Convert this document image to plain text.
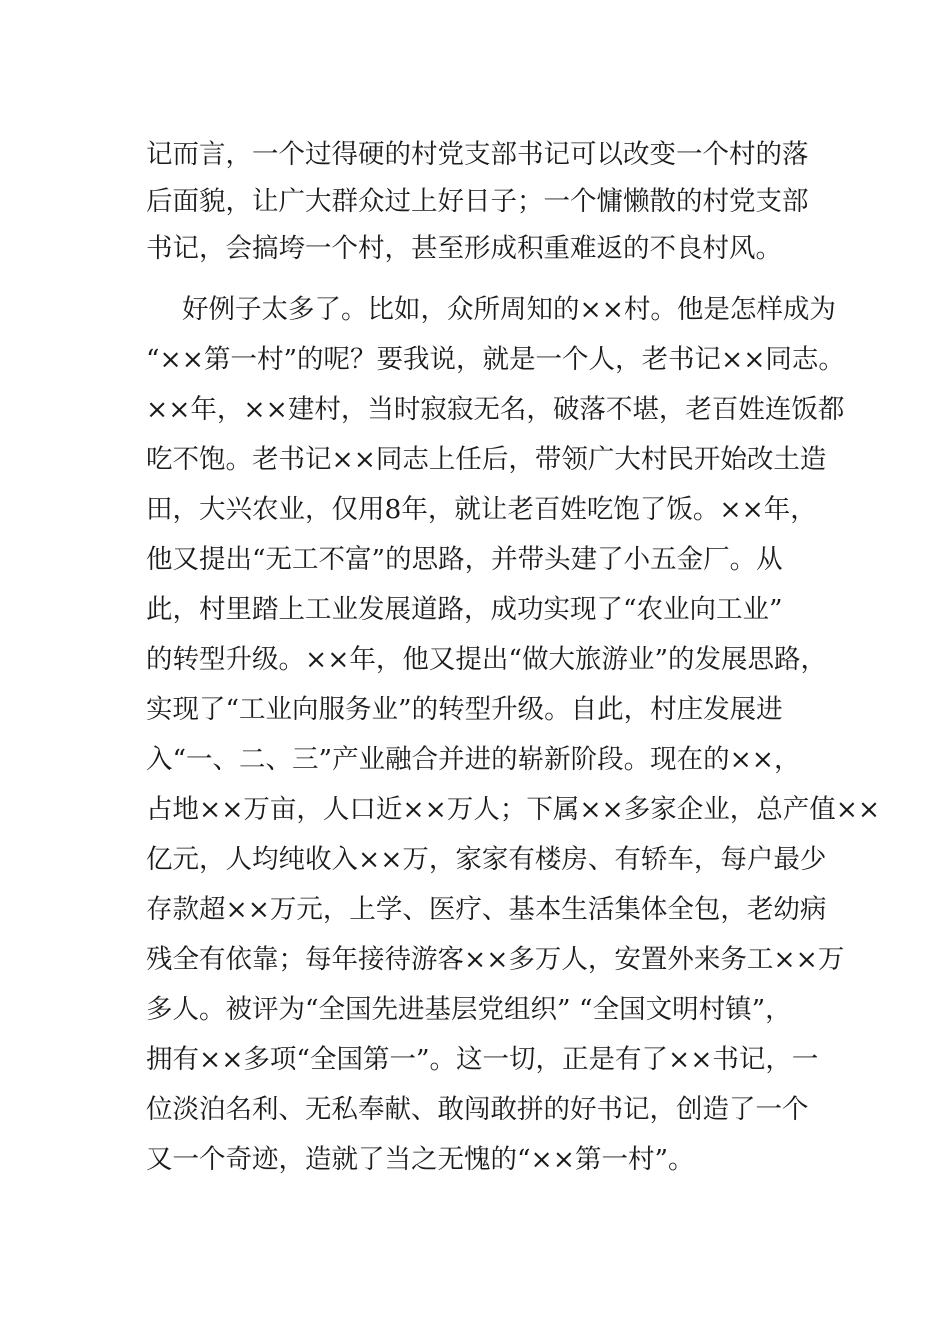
记而言，一个过得硬的村党支部书记可以改变一个村的落
后面貌，让广大群众过上好日子；一个慵懒散的村党支部
书记，会搞垮一个村，甚至形成积重难返的不良村风。
好例子太多了。比如，众所周知的××村。他是怎样成为
“××第一村”的呢？要我说，就是一个人，老书记××同志。
××年，××建村，当时寂寂无名，破落不堪，老百姓连饭都
吃不饱。老书记××同志上任后，带领广大村民开始改土造
田，大兴农业，仅用8年，就让老百姓吃饱了饭。××年，
他又提出“无工不富”的思路，并带头建了小五金厂。从
此，村里踏上工业发展道路，成功实现了“农业向工业”
的转型升级。××年，他又提出“做大旅游业”的发展思路，
实现了“工业向服务业”的转型升级。自此，村庄发展进
入“一、二、三”产业融合并进的崭新阶段。现在的××，
占地××万亩，人口近××万人；下属××多家企业，总产值××
亿元，人均纯收入××万，家家有楼房、有轿车，每户最少
存款超××万元，上学、医疗、基本生活集体全包，老幼病
残全有依靠；每年接待游客××多万人，安置外来务工××万
多人。被评为“全国先进基层党组织” “全国文明村镇”，
拥有××多项“全国第一”。这一切，正是有了××书记，一
位淡泊名利、无私奉献、敢闯敢拼的好书记，创造了一个
又一个奇迹，造就了当之无愧的“××第一村”。
